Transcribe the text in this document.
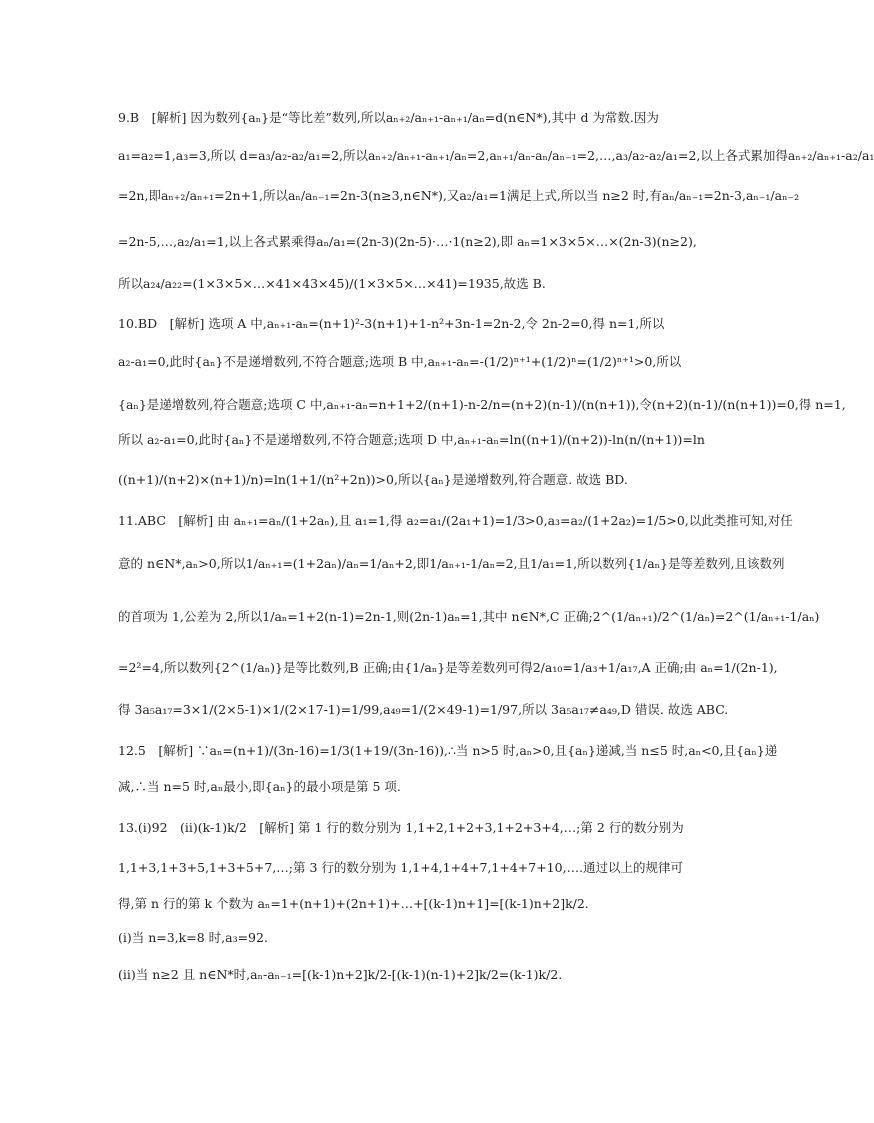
9.B　[解析] 因为数列{aₙ}是“等比差”数列,所以aₙ₊₂/aₙ₊₁-aₙ₊₁/aₙ=d(n∈N*),其中 d 为常数.因为
a₁=a₂=1,a₃=3,所以 d=a₃/a₂-a₂/a₁=2,所以aₙ₊₂/aₙ₊₁-aₙ₊₁/aₙ=2,aₙ₊₁/aₙ-aₙ/aₙ₋₁=2,…,a₃/a₂-a₂/a₁=2,以上各式累加得aₙ₊₂/aₙ₊₁-a₂/a₁
=2n,即aₙ₊₂/aₙ₊₁=2n+1,所以aₙ/aₙ₋₁=2n-3(n≥3,n∈N*),又a₂/a₁=1满足上式,所以当 n≥2 时,有aₙ/aₙ₋₁=2n-3,aₙ₋₁/aₙ₋₂
=2n-5,…,a₂/a₁=1,以上各式累乘得aₙ/a₁=(2n-3)(2n-5)·…·1(n≥2),即 aₙ=1×3×5×…×(2n-3)(n≥2),
所以a₂₄/a₂₂=(1×3×5×…×41×43×45)/(1×3×5×…×41)=1935,故选 B.
10.BD　[解析] 选项 A 中,aₙ₊₁-aₙ=(n+1)²-3(n+1)+1-n²+3n-1=2n-2,令 2n-2=0,得 n=1,所以
a₂-a₁=0,此时{aₙ}不是递增数列,不符合题意;选项 B 中,aₙ₊₁-aₙ=-(1/2)ⁿ⁺¹+(1/2)ⁿ=(1/2)ⁿ⁺¹>0,所以
{aₙ}是递增数列,符合题意;选项 C 中,aₙ₊₁-aₙ=n+1+2/(n+1)-n-2/n=(n+2)(n-1)/(n(n+1)),令(n+2)(n-1)/(n(n+1))=0,得 n=1,
所以 a₂-a₁=0,此时{aₙ}不是递增数列,不符合题意;选项 D 中,aₙ₊₁-aₙ=ln((n+1)/(n+2))-ln(n/(n+1))=ln
((n+1)/(n+2)×(n+1)/n)=ln(1+1/(n²+2n))>0,所以{aₙ}是递增数列,符合题意. 故选 BD.
11.ABC　[解析] 由 aₙ₊₁=aₙ/(1+2aₙ),且 a₁=1,得 a₂=a₁/(2a₁+1)=1/3>0,a₃=a₂/(1+2a₂)=1/5>0,以此类推可知,对任
意的 n∈N*,aₙ>0,所以1/aₙ₊₁=(1+2aₙ)/aₙ=1/aₙ+2,即1/aₙ₊₁-1/aₙ=2,且1/a₁=1,所以数列{1/aₙ}是等差数列,且该数列
的首项为 1,公差为 2,所以1/aₙ=1+2(n-1)=2n-1,则(2n-1)aₙ=1,其中 n∈N*,C 正确;2^(1/aₙ₊₁)/2^(1/aₙ)=2^(1/aₙ₊₁-1/aₙ)
=2²=4,所以数列{2^(1/aₙ)}是等比数列,B 正确;由{1/aₙ}是等差数列可得2/a₁₀=1/a₃+1/a₁₇,A 正确;由 aₙ=1/(2n-1),
得 3a₅a₁₇=3×1/(2×5-1)×1/(2×17-1)=1/99,a₄₉=1/(2×49-1)=1/97,所以 3a₅a₁₇≠a₄₉,D 错误. 故选 ABC.
12.5　[解析] ∵aₙ=(n+1)/(3n-16)=1/3(1+19/(3n-16)),∴当 n>5 时,aₙ>0,且{aₙ}递减,当 n≤5 时,aₙ<0,且{aₙ}递
减,∴当 n=5 时,aₙ最小,即{aₙ}的最小项是第 5 项.
13.(i)92　(ii)(k-1)k/2　[解析] 第 1 行的数分别为 1,1+2,1+2+3,1+2+3+4,…;第 2 行的数分别为
1,1+3,1+3+5,1+3+5+7,…;第 3 行的数分别为 1,1+4,1+4+7,1+4+7+10,….通过以上的规律可
得,第 n 行的第 k 个数为 aₙ=1+(n+1)+(2n+1)+…+[(k-1)n+1]=[(k-1)n+2]k/2.
(i)当 n=3,k=8 时,a₃=92.
(ii)当 n≥2 且 n∈N*时,aₙ-aₙ₋₁=[(k-1)n+2]k/2-[(k-1)(n-1)+2]k/2=(k-1)k/2.
